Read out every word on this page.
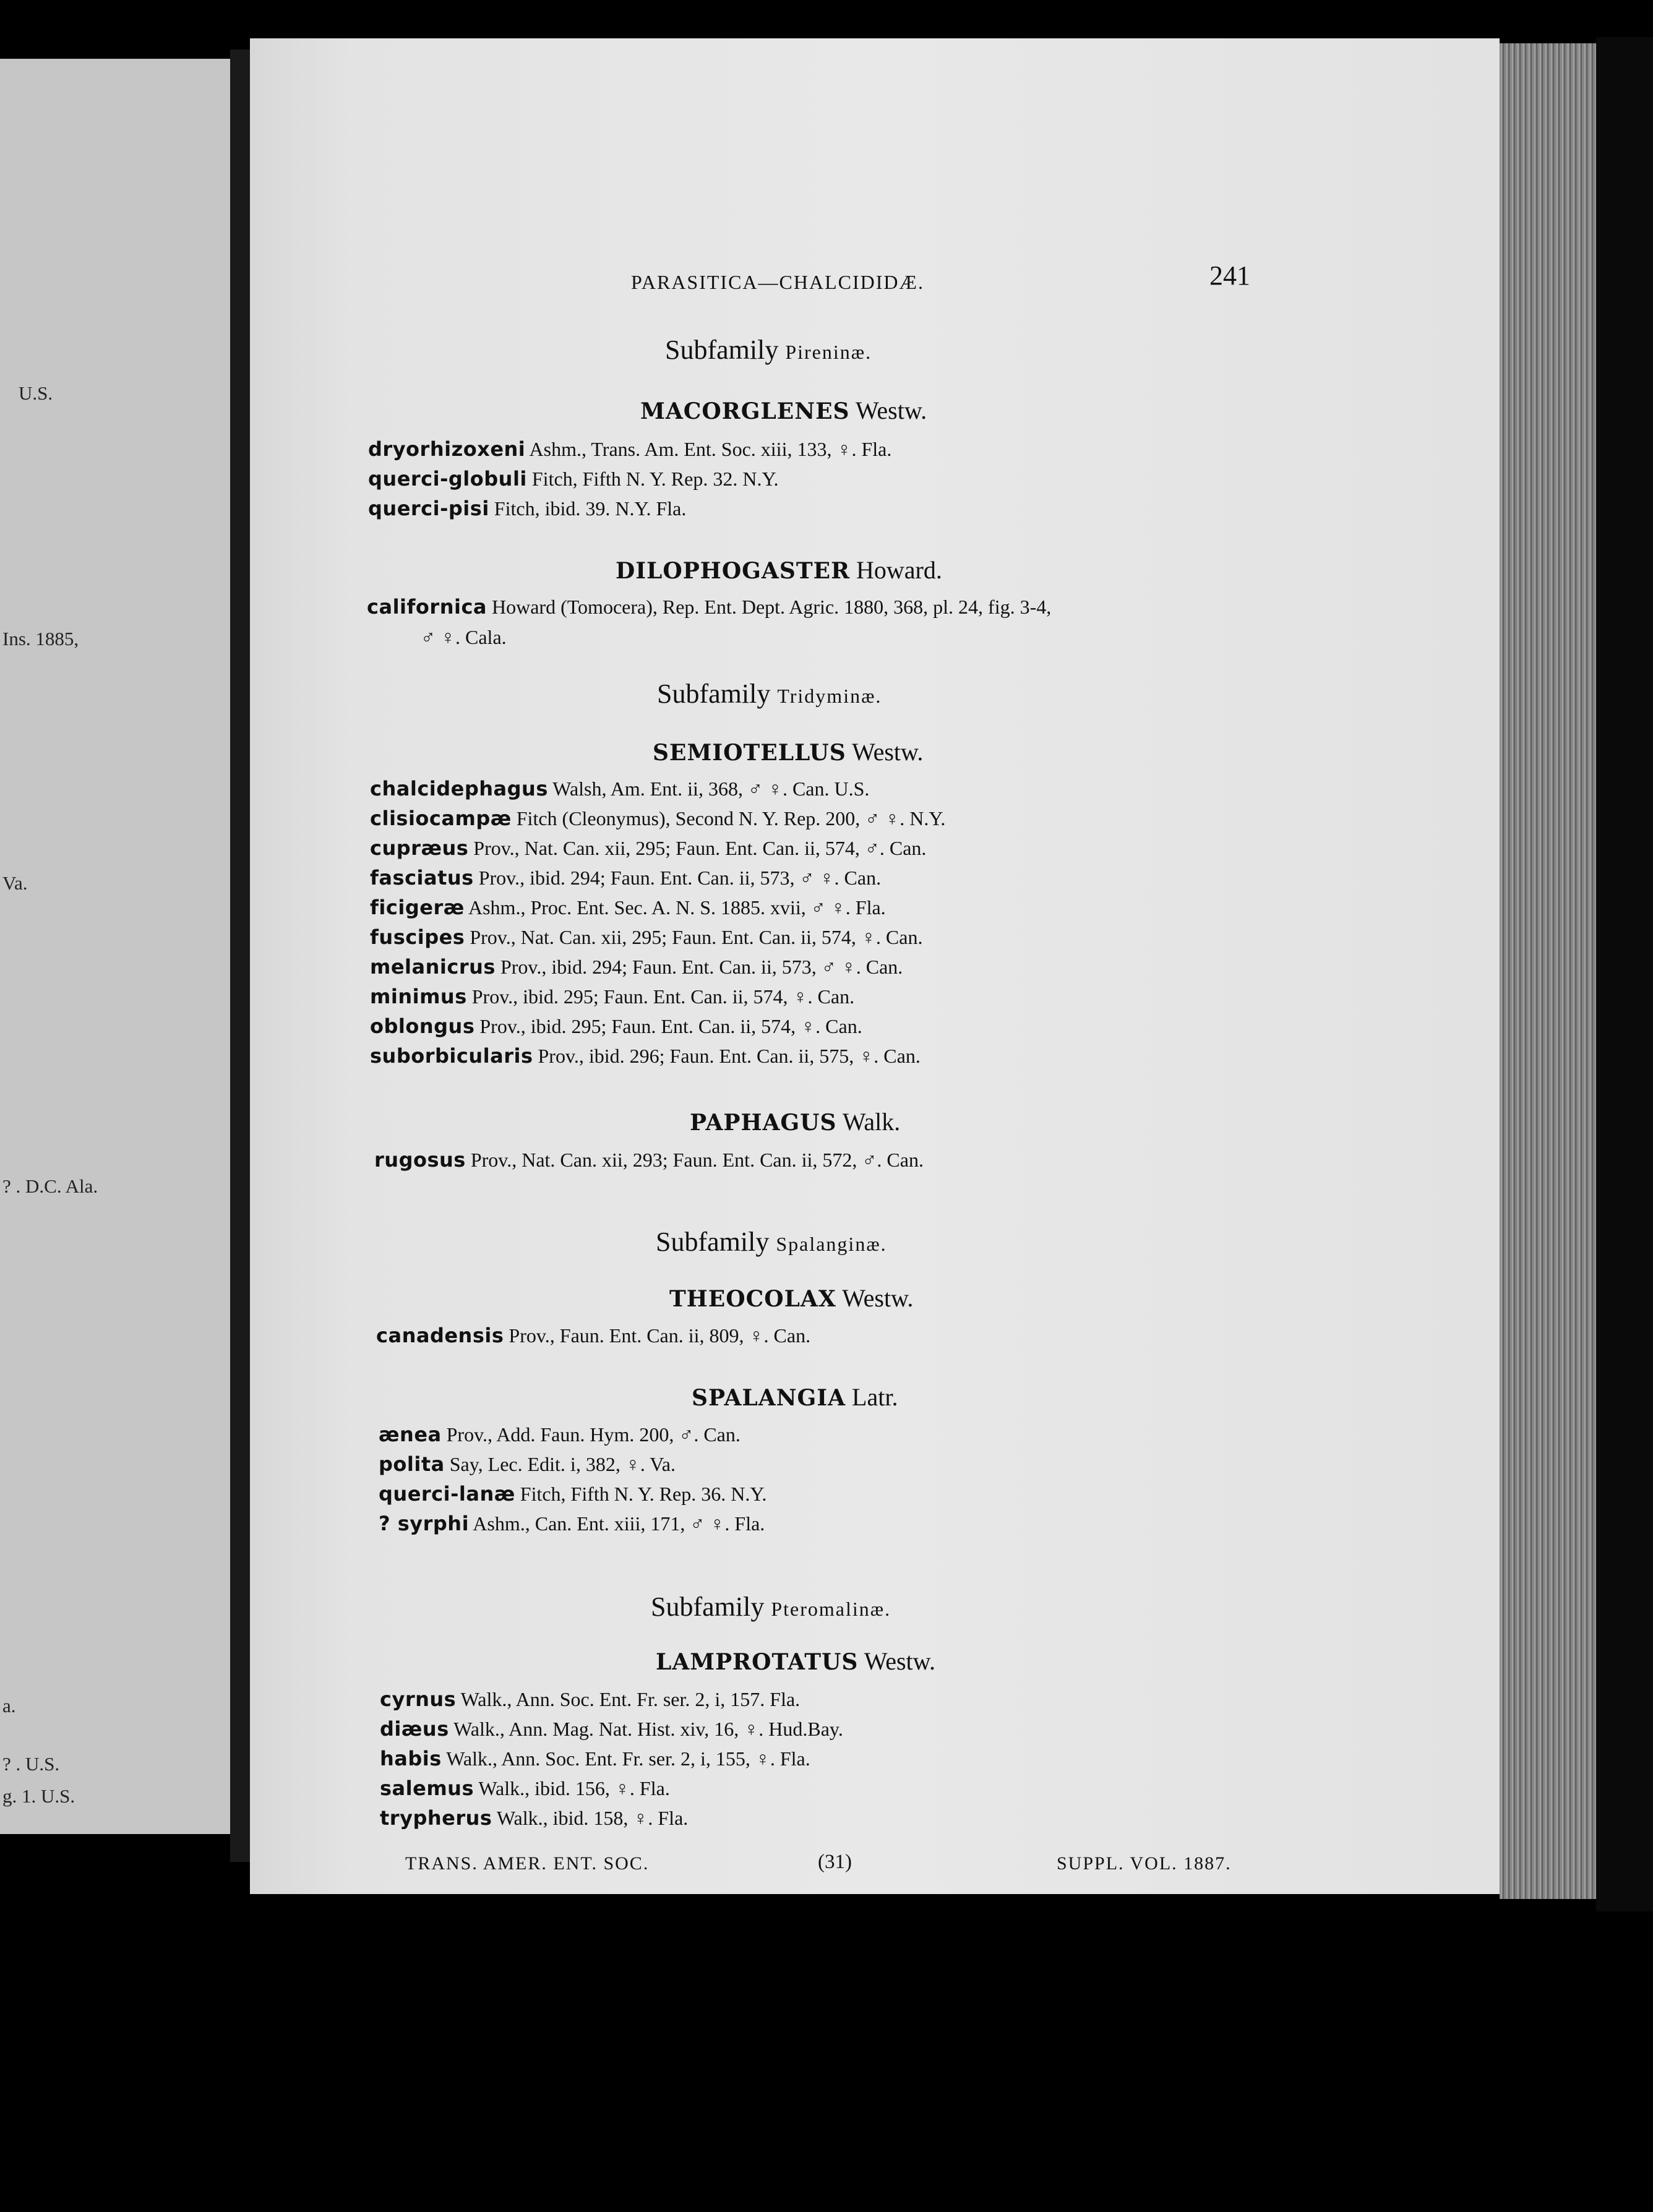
U.S.
Ins. 1885,
Va.
? . D.C. Ala.
a.
? . U.S.
g. 1. U.S.
PARASITICA—CHALCIDIDÆ.	241
Subfamily Pireninæ.
MACORGLENES Westw.
dryorhizoxeni Ashm., Trans. Am. Ent. Soc. xiii, 133, ♀. Fla.
querci-globuli Fitch, Fifth N. Y. Rep. 32. N.Y.
querci-pisi Fitch, ibid. 39. N.Y. Fla.
DILOPHOGASTER Howard.
californica Howard (Tomocera), Rep. Ent. Dept. Agric. 1880, 368, pl. 24, fig. 3-4,
♂ ♀. Cala.
Subfamily Tridyminæ.
SEMIOTELLUS Westw.
chalcidephagus Walsh, Am. Ent. ii, 368, ♂ ♀. Can. U.S.
clisiocampæ Fitch (Cleonymus), Second N. Y. Rep. 200, ♂ ♀. N.Y.
cupræus Prov., Nat. Can. xii, 295; Faun. Ent. Can. ii, 574, ♂. Can.
fasciatus Prov., ibid. 294; Faun. Ent. Can. ii, 573, ♂ ♀. Can.
ficigeræ Ashm., Proc. Ent. Sec. A. N. S. 1885. xvii, ♂ ♀. Fla.
fuscipes Prov., Nat. Can. xii, 295; Faun. Ent. Can. ii, 574, ♀. Can.
melanicrus Prov., ibid. 294; Faun. Ent. Can. ii, 573, ♂ ♀. Can.
minimus Prov., ibid. 295; Faun. Ent. Can. ii, 574, ♀. Can.
oblongus Prov., ibid. 295; Faun. Ent. Can. ii, 574, ♀. Can.
suborbicularis Prov., ibid. 296; Faun. Ent. Can. ii, 575, ♀. Can.
PAPHAGUS Walk.
rugosus Prov., Nat. Can. xii, 293; Faun. Ent. Can. ii, 572, ♂. Can.
Subfamily Spalanginæ.
THEOCOLAX Westw.
canadensis Prov., Faun. Ent. Can. ii, 809, ♀. Can.
SPALANGIA Latr.
ænea Prov., Add. Faun. Hym. 200, ♂. Can.
polita Say, Lec. Edit. i, 382, ♀. Va.
querci-lanæ Fitch, Fifth N. Y. Rep. 36. N.Y.
? syrphi Ashm., Can. Ent. xiii, 171, ♂ ♀. Fla.
Subfamily Pteromalinæ.
LAMPROTATUS Westw.
cyrnus Walk., Ann. Soc. Ent. Fr. ser. 2, i, 157. Fla.
diæus Walk., Ann. Mag. Nat. Hist. xiv, 16, ♀. Hud.Bay.
habis Walk., Ann. Soc. Ent. Fr. ser. 2, i, 155, ♀. Fla.
salemus Walk., ibid. 156, ♀. Fla.
trypherus Walk., ibid. 158, ♀. Fla.
TRANS. AMER. ENT. SOC.	(31)	SUPPL. VOL. 1887.
